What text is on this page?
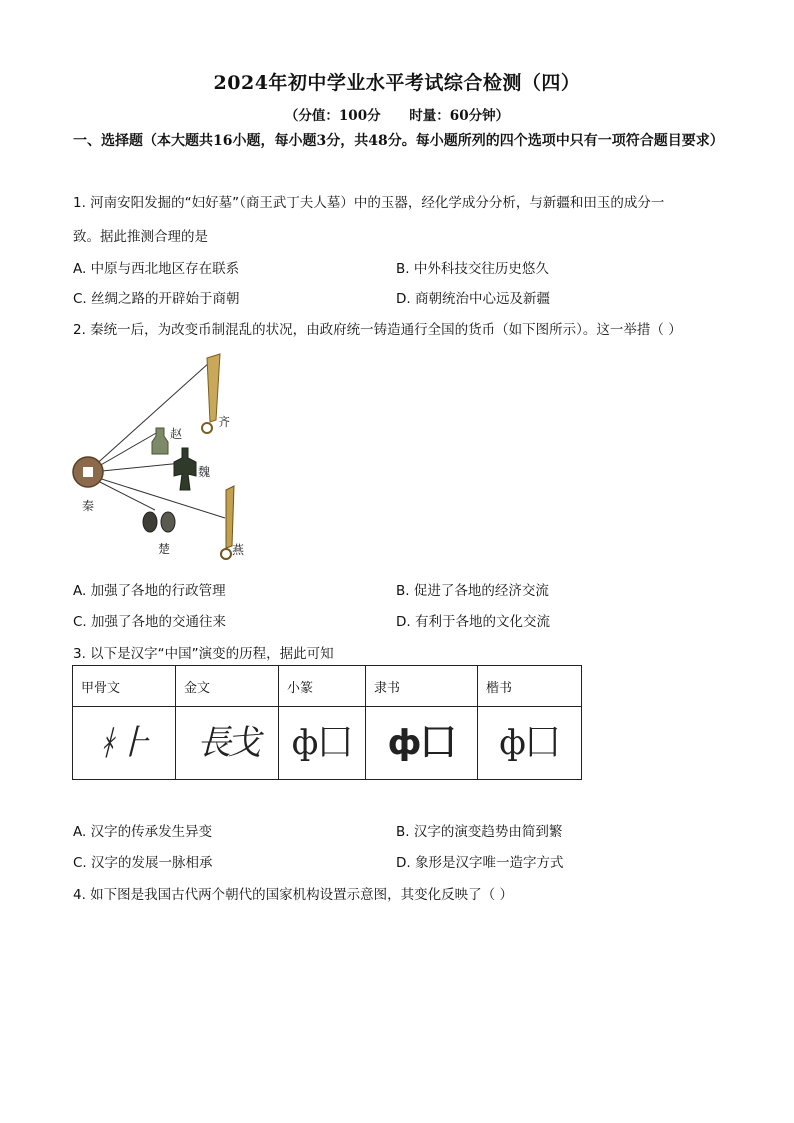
2024年初中学业水平考试综合检测（四）
（分值：100分 时量：60分钟）
一、选择题（本大题共16小题，每小题3分，共48分。每小题所列的四个选项中只有一项符合题目要求）
1. 河南安阳发掘的“妇好墓”（商王武丁夫人墓）中的玉器，经化学成分分析，与新疆和田玉的成分一
致。据此推测合理的是
A. 中原与西北地区存在联系	B. 中外科技交往历史悠久
C. 丝绸之路的开辟始于商朝	D. 商朝统治中心远及新疆
2. 秦统一后，为改变币制混乱的状况，由政府统一铸造通行全国的货币（如下图所示）。这一举措（ ）
秦
齐
赵
魏
楚	燕
A. 加强了各地的行政管理	B. 促进了各地的经济交流
C. 加强了各地的交通往来	D. 有利于各地的文化交流
3. 以下是汉字“中国”演变的历程，据此可知
甲骨文	金文	小篆	隶书	楷书
ᚼ⺊	⻑⼽	ф⼞	ф⼞	ф⼞
A. 汉字的传承发生异变	B. 汉字的演变趋势由简到繁
C. 汉字的发展一脉相承	D. 象形是汉字唯一造字方式
4. 如下图是我国古代两个朝代的国家机构设置示意图，其变化反映了（ ）
